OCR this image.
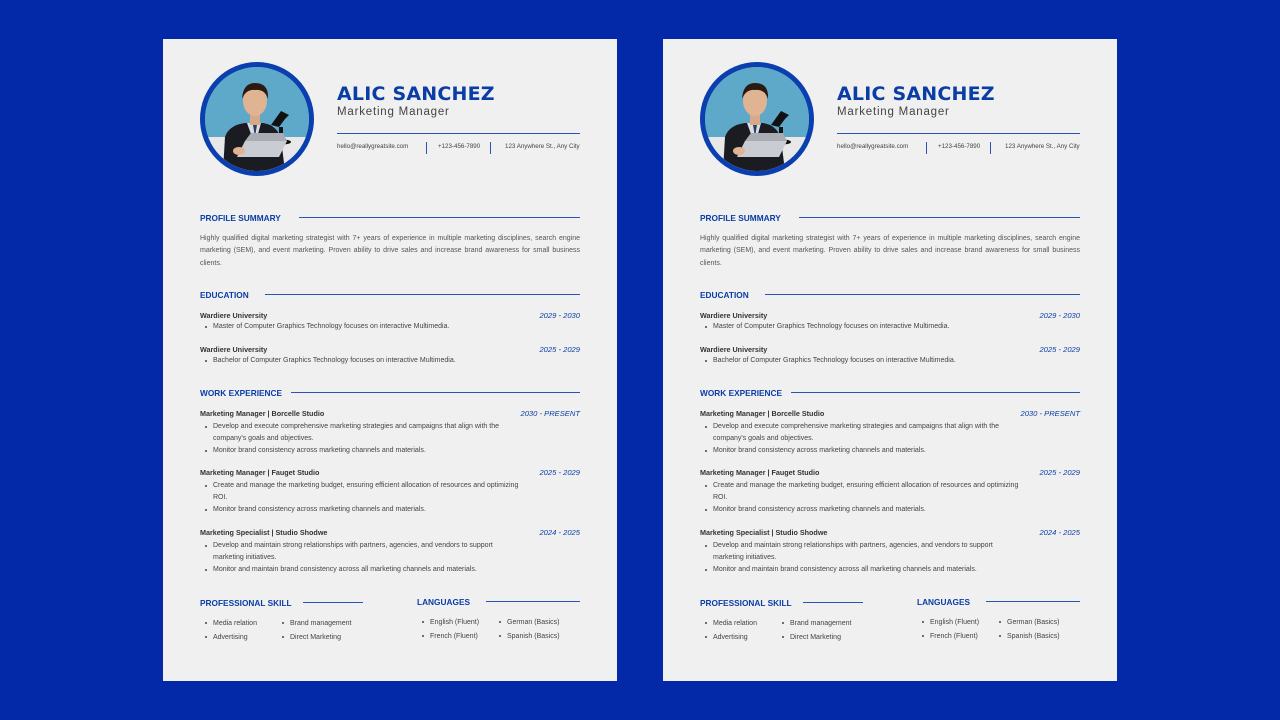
ALIC SANCHEZ
Marketing Manager
hello@reallygreatsite.com	+123-456-7890	123 Anywhere St., Any City
PROFILE SUMMARY

Highly qualified digital marketing strategist with 7+ years of experience in multiple marketing disciplines, search engine marketing (SEM), and event marketing. Proven ability to drive sales and increase brand awareness for small business clients.

EDUCATION
Wardiere University	2029 - 2030
Master of Computer Graphics Technology focuses on interactive Multimedia.
Wardiere University	2025 - 2029
Bachelor of Computer Graphics Technology focuses on interactive Multimedia.
WORK EXPERIENCE
Marketing Manager | Borcelle Studio	2030 - PRESENT
Develop and execute comprehensive marketing strategies and campaigns that align with the company's goals and objectives.
Monitor brand consistency across marketing channels and materials.
Marketing Manager | Fauget Studio	2025 - 2029
Create and manage the marketing budget, ensuring efficient allocation of resources and optimizing ROI.
Monitor brand consistency across marketing channels and materials.
Marketing Specialist | Studio Shodwe	2024 - 2025
Develop and maintain strong relationships with partners, agencies, and vendors to support marketing initiatives.
Monitor and maintain brand consistency across all marketing channels and materials.
PROFESSIONAL SKILL
Media relation
Advertising
Brand management
Direct Marketing
LANGUAGES
English (Fluent)
French (Fluent)
German (Basics)
Spanish (Basics)
ALIC SANCHEZ
Marketing Manager
hello@reallygreatsite.com	+123-456-7890	123 Anywhere St., Any City
PROFILE SUMMARY

Highly qualified digital marketing strategist with 7+ years of experience in multiple marketing disciplines, search engine marketing (SEM), and event marketing. Proven ability to drive sales and increase brand awareness for small business clients.

EDUCATION
Wardiere University	2029 - 2030
Master of Computer Graphics Technology focuses on interactive Multimedia.
Wardiere University	2025 - 2029
Bachelor of Computer Graphics Technology focuses on interactive Multimedia.
WORK EXPERIENCE
Marketing Manager | Borcelle Studio	2030 - PRESENT
Develop and execute comprehensive marketing strategies and campaigns that align with the company's goals and objectives.
Monitor brand consistency across marketing channels and materials.
Marketing Manager | Fauget Studio	2025 - 2029
Create and manage the marketing budget, ensuring efficient allocation of resources and optimizing ROI.
Monitor brand consistency across marketing channels and materials.
Marketing Specialist | Studio Shodwe	2024 - 2025
Develop and maintain strong relationships with partners, agencies, and vendors to support marketing initiatives.
Monitor and maintain brand consistency across all marketing channels and materials.
PROFESSIONAL SKILL
Media relation
Advertising
Brand management
Direct Marketing
LANGUAGES
English (Fluent)
French (Fluent)
German (Basics)
Spanish (Basics)
